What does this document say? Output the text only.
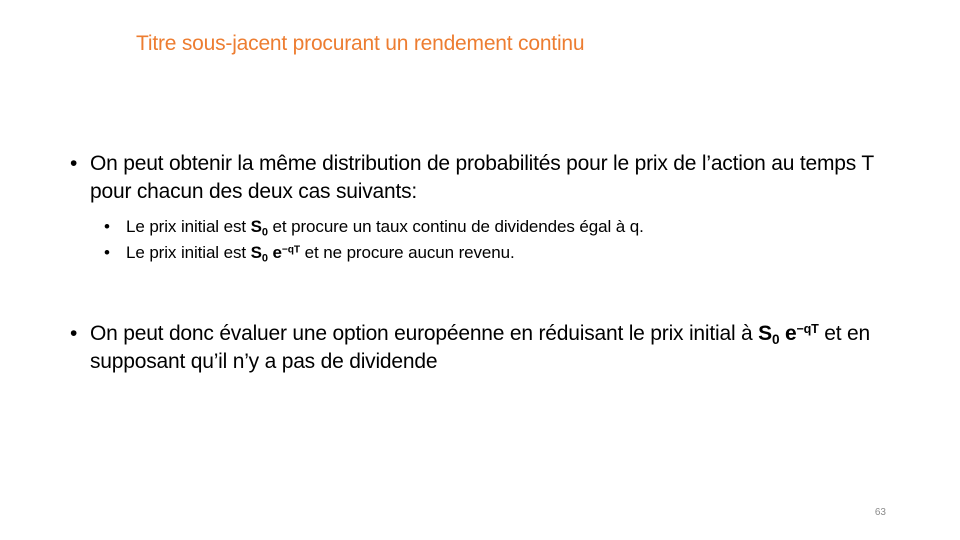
Titre sous-jacent procurant un rendement continu
• On peut obtenir la même distribution de probabilités pour le prix de l’action au temps T pour chacun des deux cas suivants:
• Le prix initial est $S_0$ et procure un taux continu de dividendes égal à q.
• Le prix initial est $S_0$ $e^{-qT}$ et ne procure aucun revenu.
• On peut donc évaluer une option européenne en réduisant le prix initial à $S_0$ $e^{-qT}$ et en supposant qu’il n’y a pas de dividende
63
